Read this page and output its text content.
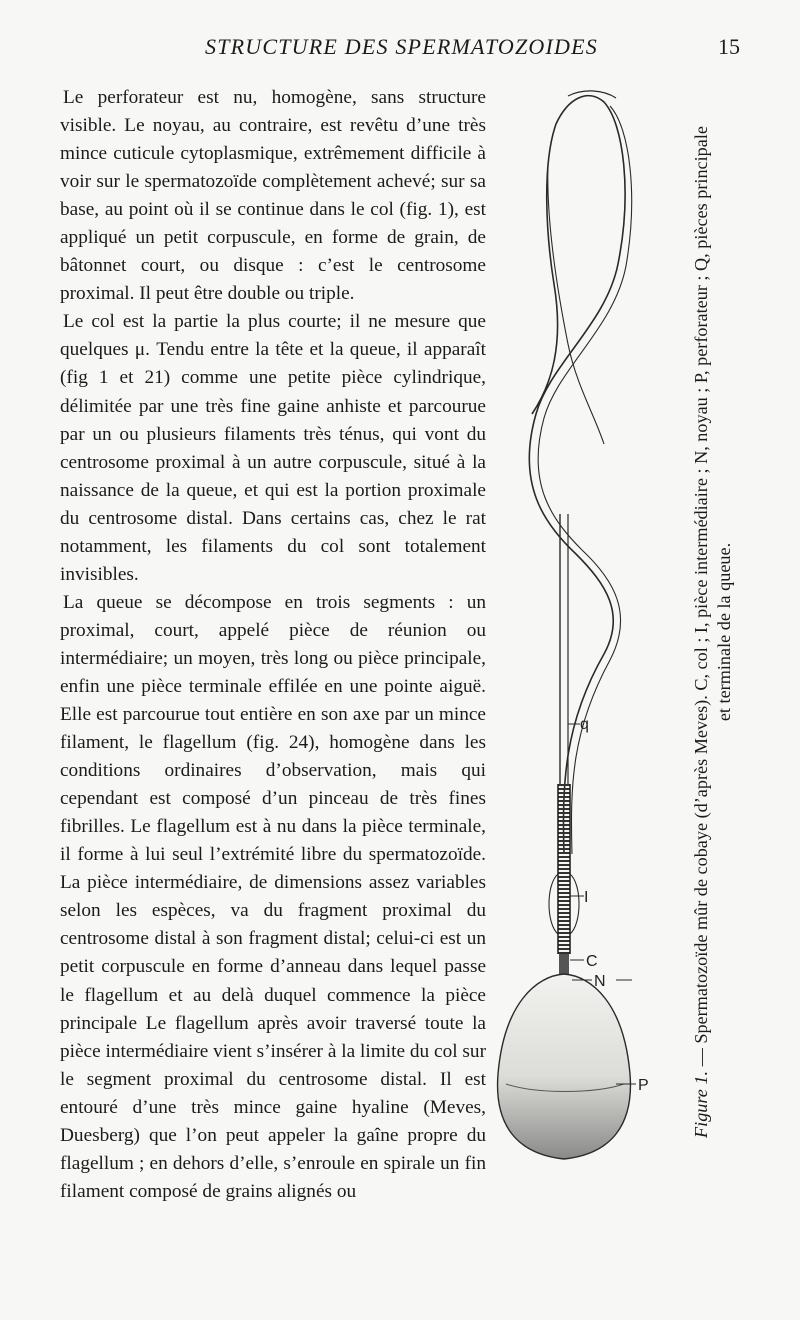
STRUCTURE DES SPERMATOZOIDES	15
Le perforateur est nu, homogène, sans structure visible. Le noyau, au contraire, est revêtu d’une très mince cuticule cytoplasmique, extrêmement difficile à voir sur le spermatozoïde complètement achevé; sur sa base, au point où il se continue dans le col (fig. 1), est appliqué un petit corpuscule, en forme de grain, de bâtonnet court, ou disque : c’est le centrosome proximal. Il peut être double ou triple.
Le col est la partie la plus courte; il ne mesure que quelques μ. Tendu entre la tête et la queue, il apparaît (fig 1 et 21) comme une petite pièce cylindrique, délimitée par une très fine gaine anhiste et parcourue par un ou plusieurs filaments très ténus, qui vont du centrosome proximal à un autre corpuscule, situé à la naissance de la queue, et qui est la portion proximale du centrosome distal. Dans certains cas, chez le rat notamment, les filaments du col sont totalement invisibles.
La queue se décompose en trois segments : un proximal, court, appelé pièce de réunion ou intermédiaire; un moyen, très long ou pièce principale, enfin une pièce terminale effilée en une pointe aiguë. Elle est parcourue tout entière en son axe par un mince filament, le flagellum (fig. 24), homogène dans les conditions ordinaires d’observation, mais qui cependant est composé d’un pinceau de très fines fibrilles. Le flagellum est à nu dans la pièce terminale, il forme à lui seul l’extrémité libre du spermatozoïde. La pièce intermédiaire, de dimensions assez variables selon les espèces, va du fragment proximal du centrosome distal à son fragment distal; celui-ci est un petit corpuscule en forme d’anneau dans lequel passe le flagellum et au delà duquel commence la pièce principale Le flagellum après avoir traversé toute la pièce intermédiaire vient s’insérer à la limite du col sur le segment proximal du centrosome distal. Il est entouré d’une très mince gaine hyaline (Meves, Duesberg) que l’on peut appeler la gaîne propre du flagellum ; en dehors d’elle, s’enroule en spirale un fin filament composé de grains alignés ou
q
I
C
N
P Figure 1. — Spermatozoïde mûr de cobaye (d’après Meves). C, col ; I, pièce intermédiaire ; N, noyau ; P, perforateur ; Q, pièces principale et terminale de la queue.
